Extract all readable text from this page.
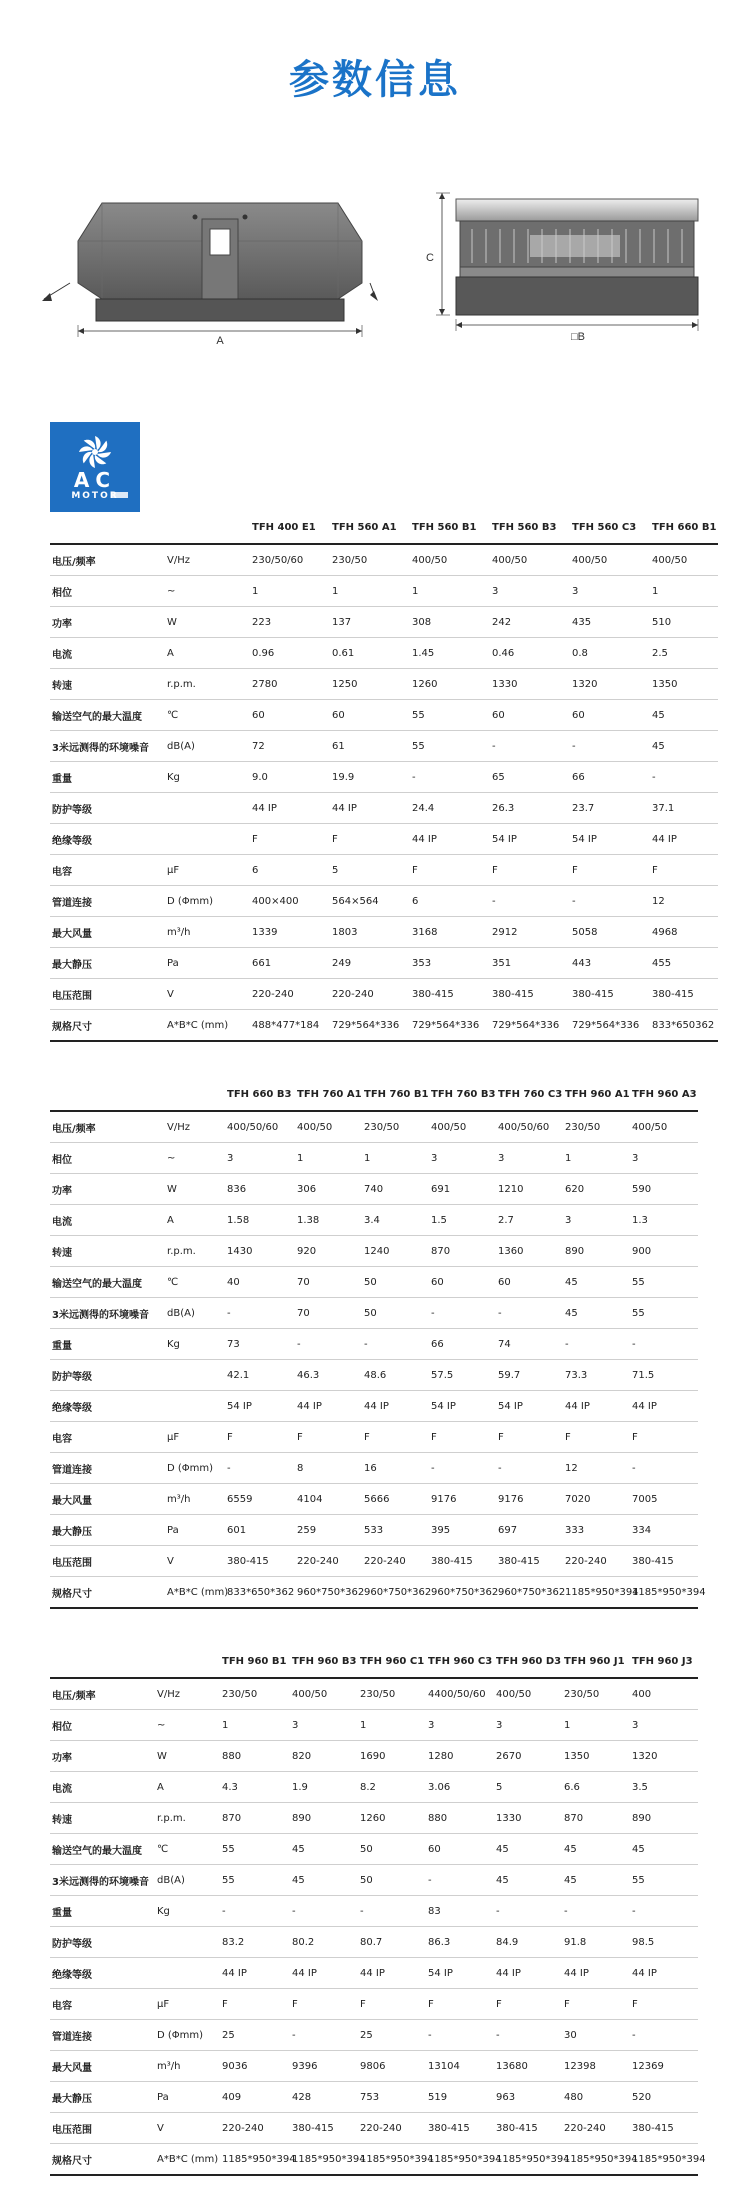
参数信息
A
C
□B
AC
MOTOR
		TFH 400 E1	TFH 560 A1	TFH 560 B1	TFH 560 B3	TFH 560 C3	TFH 660 B1
电压/频率	V/Hz	230/50/60	230/50	400/50	400/50	400/50	400/50
相位	~	1	1	1	3	3	1
功率	W	223	137	308	242	435	510
电流	A	0.96	0.61	1.45	0.46	0.8	2.5
转速	r.p.m.	2780	1250	1260	1330	1320	1350
输送空气的最大温度	℃	60	60	55	60	60	45
3米远测得的环境噪音	dB(A)	72	61	55	-	-	45
重量	Kg	9.0	19.9	-	65	66	-
防护等级		44 IP	44 IP	24.4	26.3	23.7	37.1
绝缘等级		F	F	44 IP	54 IP	54 IP	44 IP
电容	μF	6	5	F	F	F	F
管道连接	D (Φmm)	400×400	564×564	6	-	-	12
最大风量	m³/h	1339	1803	3168	2912	5058	4968
最大静压	Pa	661	249	353	351	443	455
电压范围	V	220-240	220-240	380-415	380-415	380-415	380-415
规格尺寸	A*B*C (mm)	488*477*184	729*564*336	729*564*336	729*564*336	729*564*336	833*650362
		TFH 660 B3	TFH 760 A1	TFH 760 B1	TFH 760 B3	TFH 760 C3	TFH 960 A1	TFH 960 A3
电压/频率	V/Hz	400/50/60	400/50	230/50	400/50	400/50/60	230/50	400/50
相位	~	3	1	1	3	3	1	3
功率	W	836	306	740	691	1210	620	590
电流	A	1.58	1.38	3.4	1.5	2.7	3	1.3
转速	r.p.m.	1430	920	1240	870	1360	890	900
输送空气的最大温度	℃	40	70	50	60	60	45	55
3米远测得的环境噪音	dB(A)	-	70	50	-	-	45	55
重量	Kg	73	-	-	66	74	-	-
防护等级		42.1	46.3	48.6	57.5	59.7	73.3	71.5
绝缘等级		54 IP	44 IP	44 IP	54 IP	54 IP	44 IP	44 IP
电容	μF	F	F	F	F	F	F	F
管道连接	D (Φmm)	-	8	16	-	-	12	-
最大风量	m³/h	6559	4104	5666	9176	9176	7020	7005
最大静压	Pa	601	259	533	395	697	333	334
电压范围	V	380-415	220-240	220-240	380-415	380-415	220-240	380-415
规格尺寸	A*B*C (mm)	833*650*362	960*750*362	960*750*362	960*750*362	960*750*362	1185*950*394	1185*950*394
		TFH 960 B1	TFH 960 B3	TFH 960 C1	TFH 960 C3	TFH 960 D3	TFH 960 J1	TFH 960 J3
电压/频率	V/Hz	230/50	400/50	230/50	4400/50/60	400/50	230/50	400
相位	~	1	3	1	3	3	1	3
功率	W	880	820	1690	1280	2670	1350	1320
电流	A	4.3	1.9	8.2	3.06	5	6.6	3.5
转速	r.p.m.	870	890	1260	880	1330	870	890
输送空气的最大温度	℃	55	45	50	60	45	45	45
3米远测得的环境噪音	dB(A)	55	45	50	-	45	45	55
重量	Kg	-	-	-	83	-	-	-
防护等级		83.2	80.2	80.7	86.3	84.9	91.8	98.5
绝缘等级		44 IP	44 IP	44 IP	54 IP	44 IP	44 IP	44 IP
电容	μF	F	F	F	F	F	F	F
管道连接	D (Φmm)	25	-	25	-	-	30	-
最大风量	m³/h	9036	9396	9806	13104	13680	12398	12369
最大静压	Pa	409	428	753	519	963	480	520
电压范围	V	220-240	380-415	220-240	380-415	380-415	220-240	380-415
规格尺寸	A*B*C (mm)	1185*950*394	1185*950*394	1185*950*394	1185*950*394	1185*950*394	1185*950*394	1185*950*394
